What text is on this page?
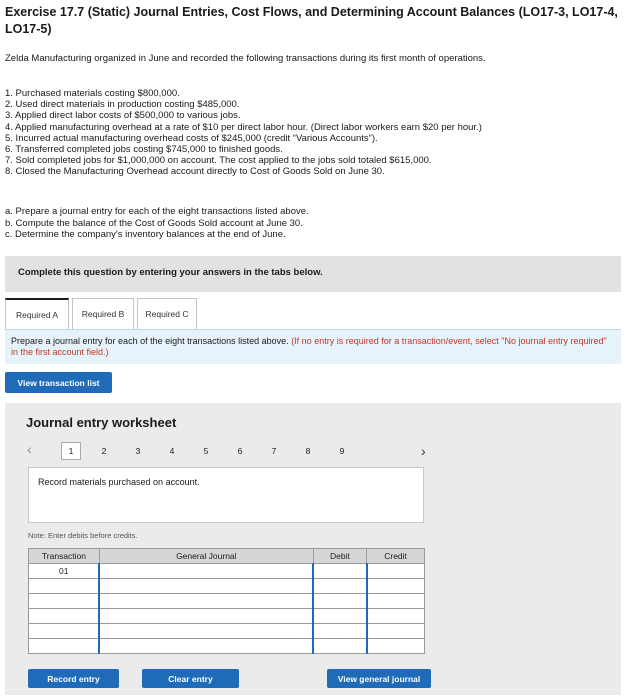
Exercise 17.7 (Static) Journal Entries, Cost Flows, and Determining Account Balances (LO17-3, LO17-4, LO17-5)
Zelda Manufacturing organized in June and recorded the following transactions during its first month of operations.
1. Purchased materials costing $800,000.
2. Used direct materials in production costing $485,000.
3. Applied direct labor costs of $500,000 to various jobs.
4. Applied manufacturing overhead at a rate of $10 per direct labor hour. (Direct labor workers earn $20 per hour.)
5. Incurred actual manufacturing overhead costs of $245,000 (credit “Various Accounts”).
6. Transferred completed jobs costing $745,000 to finished goods.
7. Sold completed jobs for $1,000,000 on account. The cost applied to the jobs sold totaled $615,000.
8. Closed the Manufacturing Overhead account directly to Cost of Goods Sold on June 30.
a. Prepare a journal entry for each of the eight transactions listed above.
b. Compute the balance of the Cost of Goods Sold account at June 30.
c. Determine the company's inventory balances at the end of June.
Complete this question by entering your answers in the tabs below.
Required A	Required B	Required C
Prepare a journal entry for each of the eight transactions listed above. (If no entry is required for a transaction/event, select "No journal entry required" in the first account field.)
View transaction list
Journal entry worksheet
‹	1	2	3	4	5	6	7	8	9	›
Record materials purchased on account.
Note: Enter debits before credits.
Transaction	General Journal	Debit	Credit
01			

Record entry	Clear entry	View general journal
